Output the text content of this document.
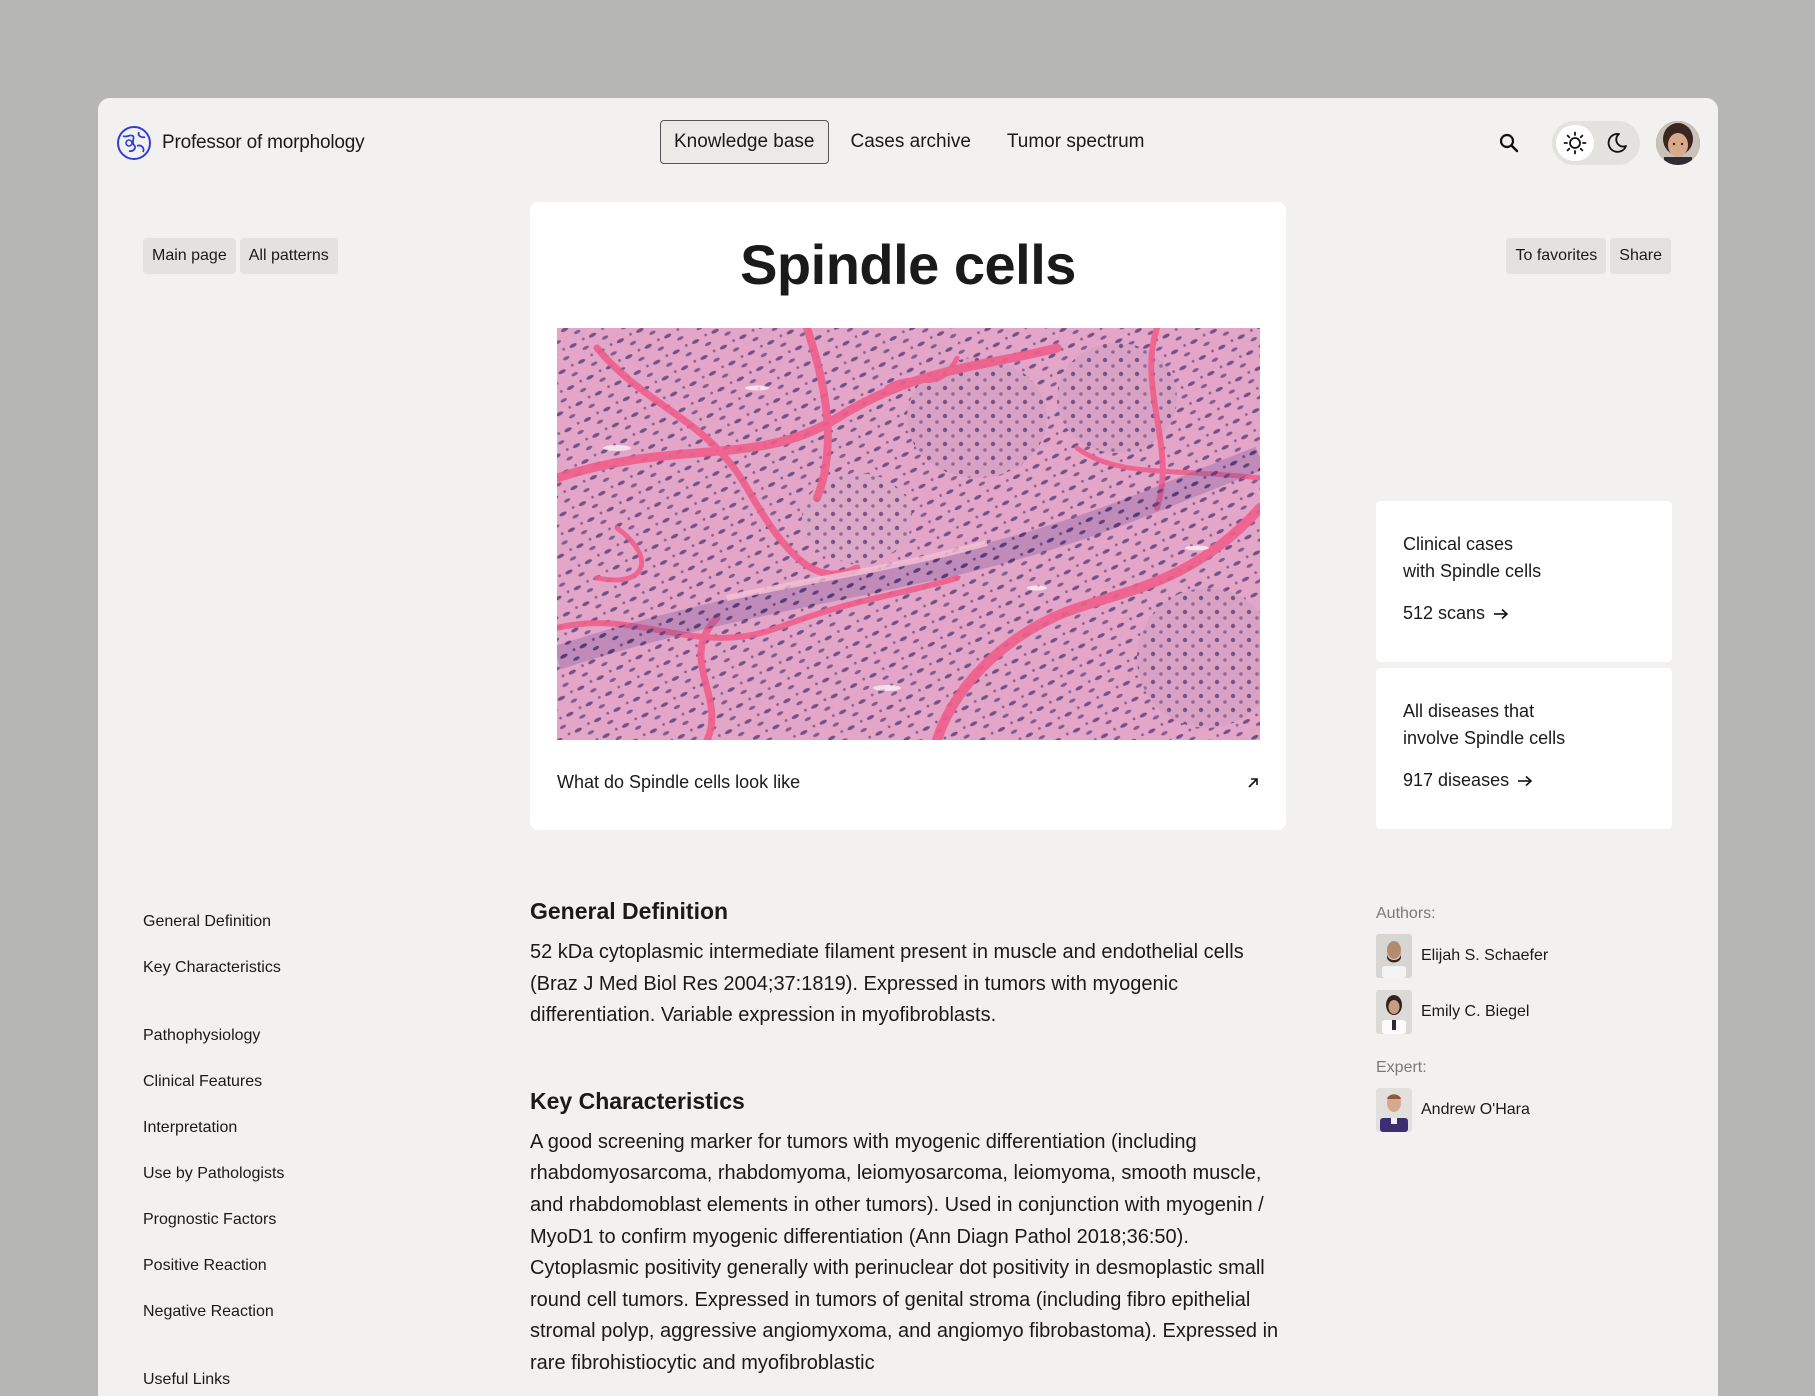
Professor of morphology	Knowledge base	Cases archive	Tumor spectrum
Main page	All patterns	To favorites	Share
Spindle cells
What do Spindle cells look like
Clinical cases
with Spindle cells
512 scans
All diseases that
involve Spindle cells
917 diseases
General Definition
Key Characteristics
Pathophysiology
Clinical Features
Interpretation
Use by Pathologists
Prognostic Factors
Positive Reaction
Negative Reaction
Useful Links
General Definition

52 kDa cytoplasmic intermediate filament present in muscle and endothelial cells (Braz J Med Biol Res 2004;37:1819). Expressed in tumors with myogenic differentiation. Variable expression in myofibroblasts.

Key Characteristics

A good screening marker for tumors with myogenic differentiation (including rhabdomyosarcoma, rhabdomyoma, leiomyosarcoma, leiomyoma, smooth muscle, and rhabdomoblast elements in other tumors). Used in conjunction with myogenin / MyoD1 to confirm myogenic differentiation (Ann Diagn Pathol 2018;36:50). Cytoplasmic positivity generally with perinuclear dot positivity in desmoplastic small round cell tumors. Expressed in tumors of genital stroma (including fibro epithelial stromal polyp, aggressive angiomyxoma, and angiomyo fibrobastoma). Expressed in rare fibrohistiocytic and myofibroblastic

Authors:
Elijah S. Schaefer
Emily C. Biegel
Expert:
Andrew O'Hara
